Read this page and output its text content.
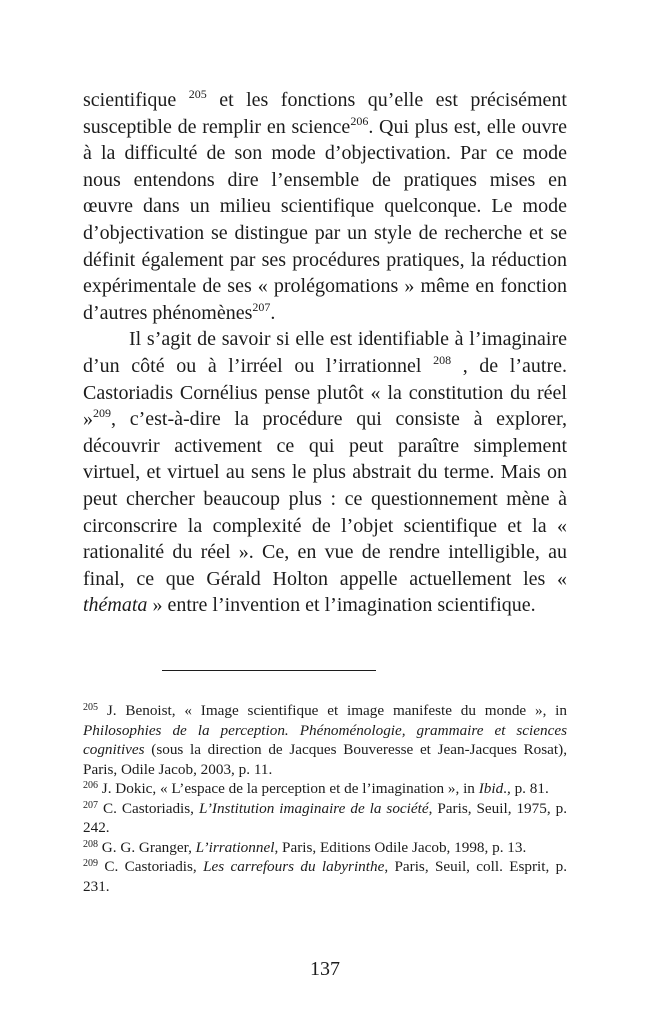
scientifique $^{205}$ et les fonctions qu’elle est précisément susceptible de remplir en science$^{206}$. Qui plus est, elle ouvre à la difficulté de son mode d’objectivation. Par ce mode nous entendons dire l’ensemble de pratiques mises en œuvre dans un milieu scientifique quelconque. Le mode d’objectivation se distingue par un style de recherche et se définit également par ses procédures pratiques, la réduction expérimentale de ses « prolégomations » même en fonction d’autres phénomènes$^{207}$.

Il s’agit de savoir si elle est identifiable à l’imaginaire d’un côté ou à l’irréel ou l’irrationnel $^{208}$ , de l’autre. Castoriadis Cornélius pense plutôt « la constitution du réel »$^{209}$, c’est-à-dire la procédure qui consiste à explorer, découvrir activement ce qui peut paraître simplement virtuel, et virtuel au sens le plus abstrait du terme. Mais on peut chercher beaucoup plus : ce questionnement mène à circonscrire la complexité de l’objet scientifique et la « rationalité du réel ». Ce, en vue de rendre intelligible, au final, ce que Gérald Holton appelle actuellement les « thémata » entre l’invention et l’imagination scientifique.

$^{205}$ J. Benoist, « Image scientifique et image manifeste du monde », in Philosophies de la perception. Phénoménologie, grammaire et sciences cognitives (sous la direction de Jacques Bouveresse et Jean-Jacques Rosat), Paris, Odile Jacob, 2003, p. 11.

$^{206}$ J. Dokic, « L’espace de la perception et de l’imagination », in Ibid., p. 81.

$^{207}$ C. Castoriadis, L’Institution imaginaire de la société, Paris, Seuil, 1975, p. 242.

$^{208}$ G. G. Granger, L’irrationnel, Paris, Editions Odile Jacob, 1998, p. 13.

$^{209}$ C. Castoriadis, Les carrefours du labyrinthe, Paris, Seuil, coll. Esprit, p. 231.

137
